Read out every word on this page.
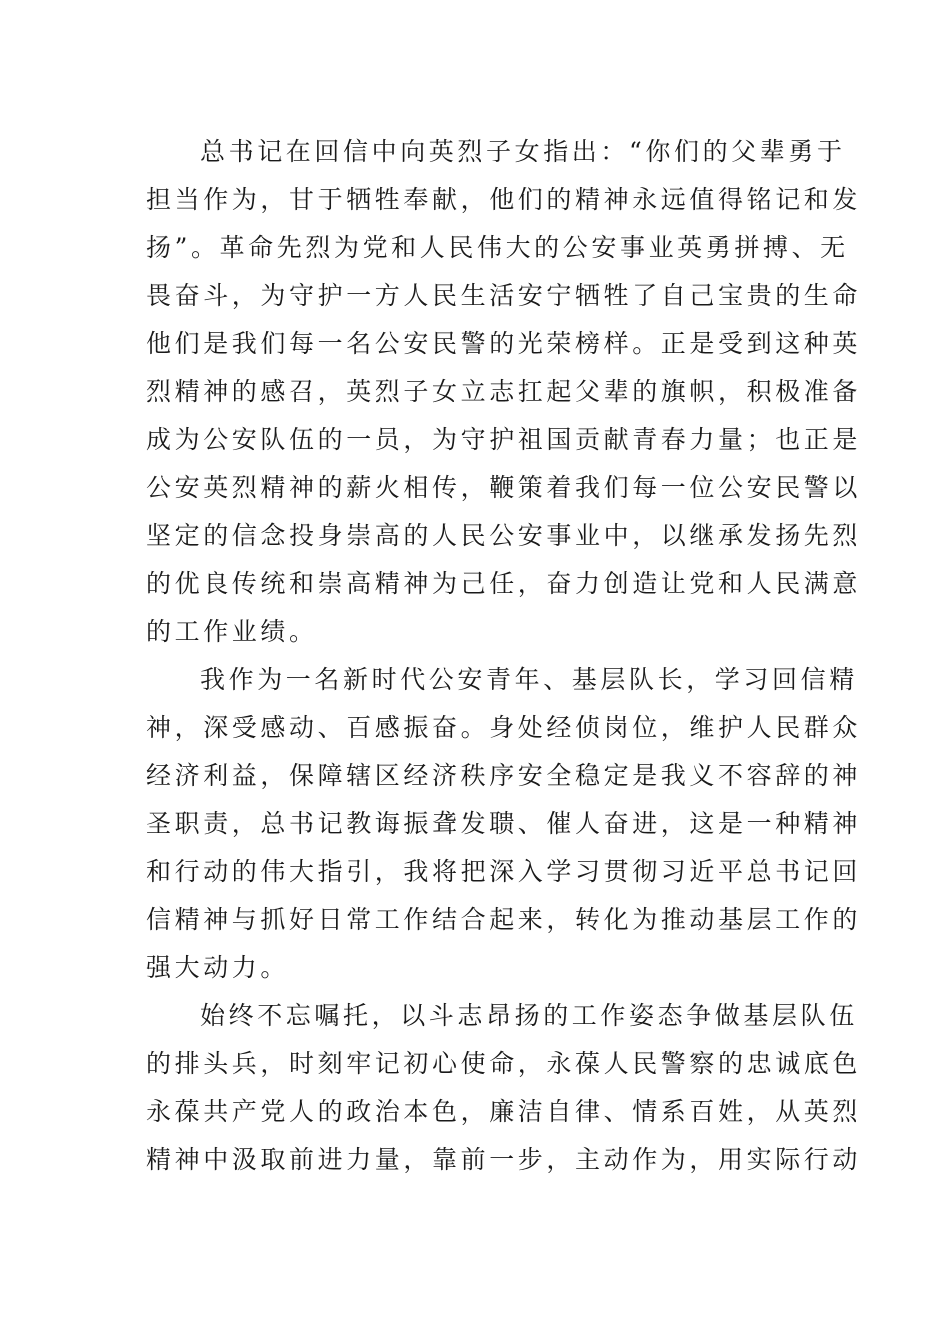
总书记在回信中向英烈子女指出：“你们的父辈勇于
担当作为，甘于牺牲奉献，他们的精神永远值得铭记和发
扬”。革命先烈为党和人民伟大的公安事业英勇拼搏、无
畏奋斗，为守护一方人民生活安宁牺牲了自己宝贵的生命
他们是我们每一名公安民警的光荣榜样。正是受到这种英
烈精神的感召，英烈子女立志扛起父辈的旗帜，积极准备
成为公安队伍的一员，为守护祖国贡献青春力量；也正是
公安英烈精神的薪火相传，鞭策着我们每一位公安民警以
坚定的信念投身崇高的人民公安事业中，以继承发扬先烈
的优良传统和崇高精神为己任，奋力创造让党和人民满意
的工作业绩。
我作为一名新时代公安青年、基层队长，学习回信精
神，深受感动、百感振奋。身处经侦岗位，维护人民群众
经济利益，保障辖区经济秩序安全稳定是我义不容辞的神
圣职责，总书记教诲振聋发聩、催人奋进，这是一种精神
和行动的伟大指引，我将把深入学习贯彻习近平总书记回
信精神与抓好日常工作结合起来，转化为推动基层工作的
强大动力。
始终不忘嘱托，以斗志昂扬的工作姿态争做基层队伍
的排头兵，时刻牢记初心使命，永葆人民警察的忠诚底色
永葆共产党人的政治本色，廉洁自律、情系百姓，从英烈
精神中汲取前进力量，靠前一步，主动作为，用实际行动
